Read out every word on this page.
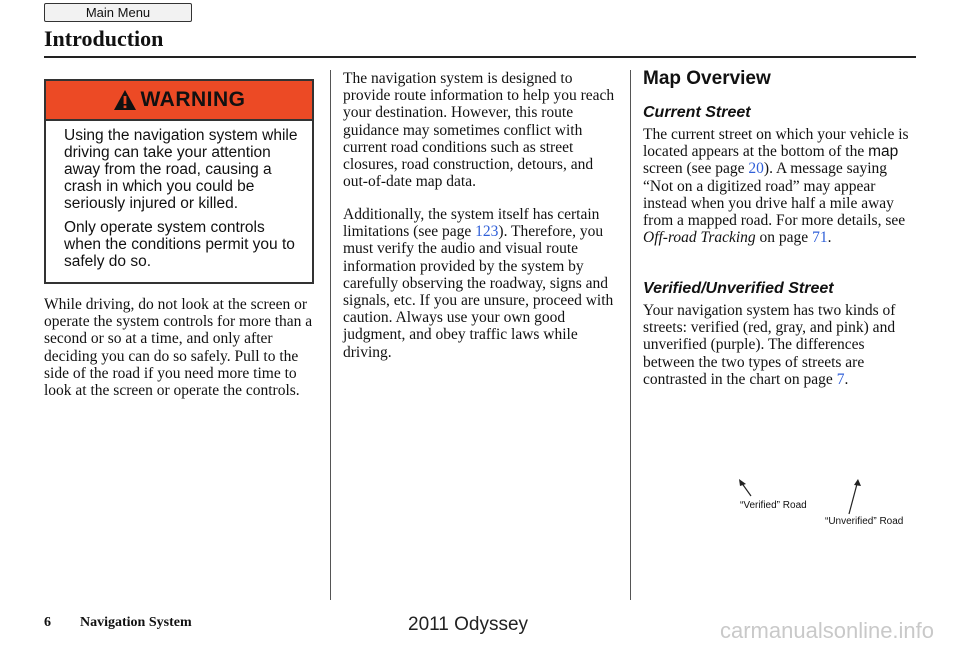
Main Menu
Introduction
WARNING

Using the navigation system while driving can take your attention away from the road, causing a crash in which you could be seriously injured or killed.

Only operate system controls when the conditions permit you to safely do so.

While driving, do not look at the screen or operate the system controls for more than a second or so at a time, and only after deciding you can do so safely. Pull to the side of the road if you need more time to look at the screen or operate the controls.

The navigation system is designed to provide route information to help you reach your destination. However, this route guidance may sometimes conflict with current road conditions such as street closures, road construction, detours, and out-of-date map data.

Additionally, the system itself has certain limitations (see page 123). Therefore, you must verify the audio and visual route information provided by the system by carefully observing the roadway, signs and signals, etc. If you are unsure, proceed with caution. Always use your own good judgment, and obey traffic laws while driving.

Map Overview
Current Street

The current street on which your vehicle is located appears at the bottom of the map screen (see page 20). A message saying “Not on a digitized road” may appear instead when you drive half a mile away from a mapped road. For more details, see Off-road Tracking on page 71.

Verified/Unverified Street

Your navigation system has two kinds of streets: verified (red, gray, and pink) and unverified (purple). The differences between the two types of streets are contrasted in the chart on page 7.

“Verified” Road
“Unverified” Road
6 Navigation System	2011 Odyssey	carmanualsonline.info
